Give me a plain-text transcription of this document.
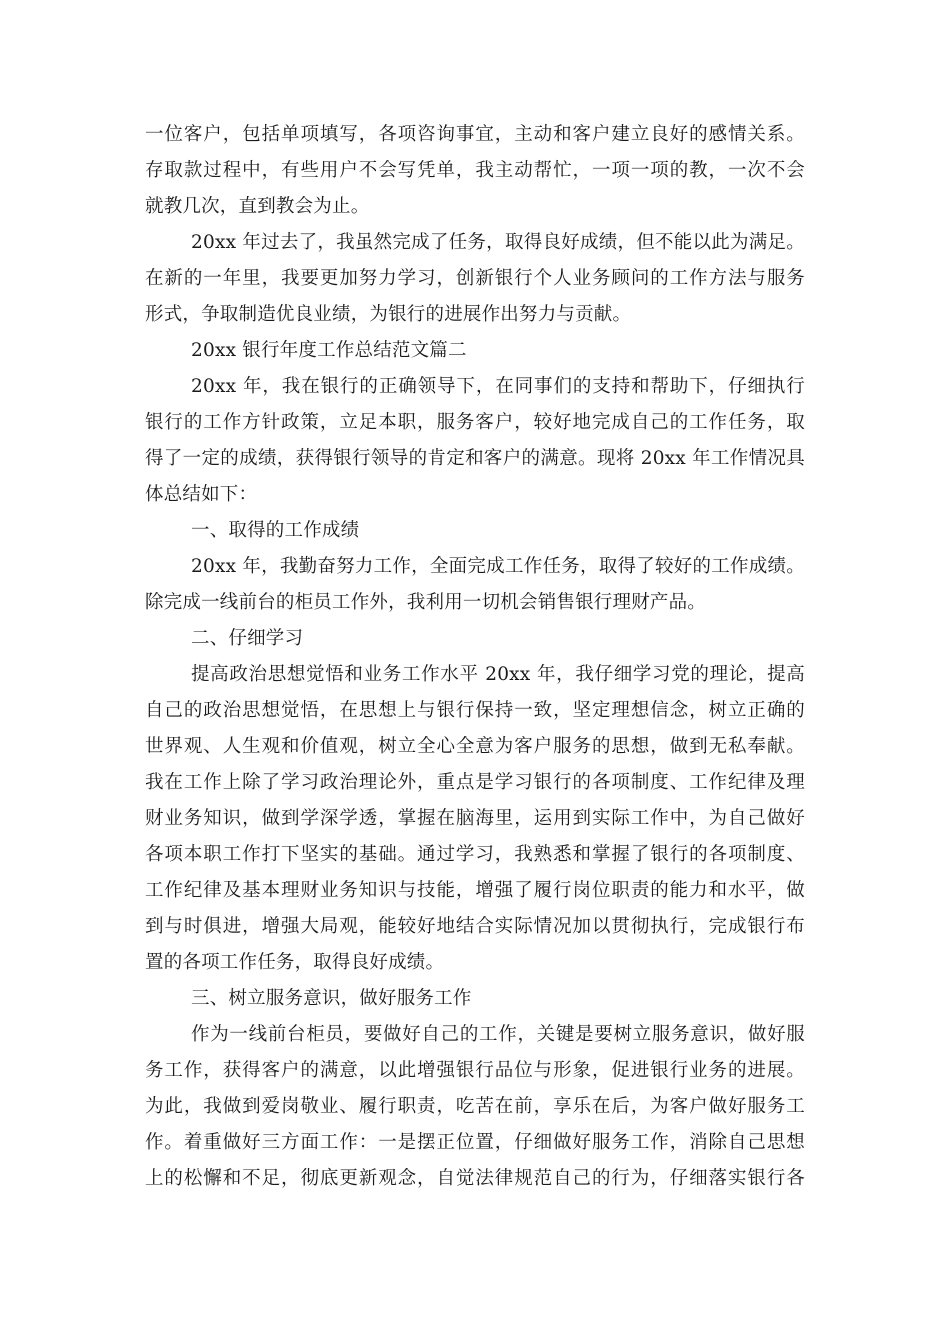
一位客户，包括单项填写，各项咨询事宜，主动和客户建立良好的感情关系。
存取款过程中，有些用户不会写凭单，我主动帮忙，一项一项的教，一次不会
就教几次，直到教会为止。
20xx 年过去了，我虽然完成了任务，取得良好成绩，但不能以此为满足。
在新的一年里，我要更加努力学习，创新银行个人业务顾问的工作方法与服务
形式，争取制造优良业绩，为银行的进展作出努力与贡献。
20xx 银行年度工作总结范文篇二
20xx 年，我在银行的正确领导下，在同事们的支持和帮助下，仔细执行
银行的工作方针政策，立足本职，服务客户，较好地完成自己的工作任务，取
得了一定的成绩，获得银行领导的肯定和客户的满意。现将 20xx 年工作情况具
体总结如下：
一、取得的工作成绩
20xx 年，我勤奋努力工作，全面完成工作任务，取得了较好的工作成绩。
除完成一线前台的柜员工作外，我利用一切机会销售银行理财产品。
二、仔细学习
提高政治思想觉悟和业务工作水平 20xx 年，我仔细学习党的理论，提高
自己的政治思想觉悟，在思想上与银行保持一致，坚定理想信念，树立正确的
世界观、人生观和价值观，树立全心全意为客户服务的思想，做到无私奉献。
我在工作上除了学习政治理论外，重点是学习银行的各项制度、工作纪律及理
财业务知识，做到学深学透，掌握在脑海里，运用到实际工作中，为自己做好
各项本职工作打下坚实的基础。通过学习，我熟悉和掌握了银行的各项制度、
工作纪律及基本理财业务知识与技能，增强了履行岗位职责的能力和水平，做
到与时俱进，增强大局观，能较好地结合实际情况加以贯彻执行，完成银行布
置的各项工作任务，取得良好成绩。
三、树立服务意识，做好服务工作
作为一线前台柜员，要做好自己的工作，关键是要树立服务意识，做好服
务工作，获得客户的满意，以此增强银行品位与形象，促进银行业务的进展。
为此，我做到爱岗敬业、履行职责，吃苦在前，享乐在后，为客户做好服务工
作。着重做好三方面工作：一是摆正位置，仔细做好服务工作，消除自己思想
上的松懈和不足，彻底更新观念，自觉法律规范自己的行为，仔细落实银行各
